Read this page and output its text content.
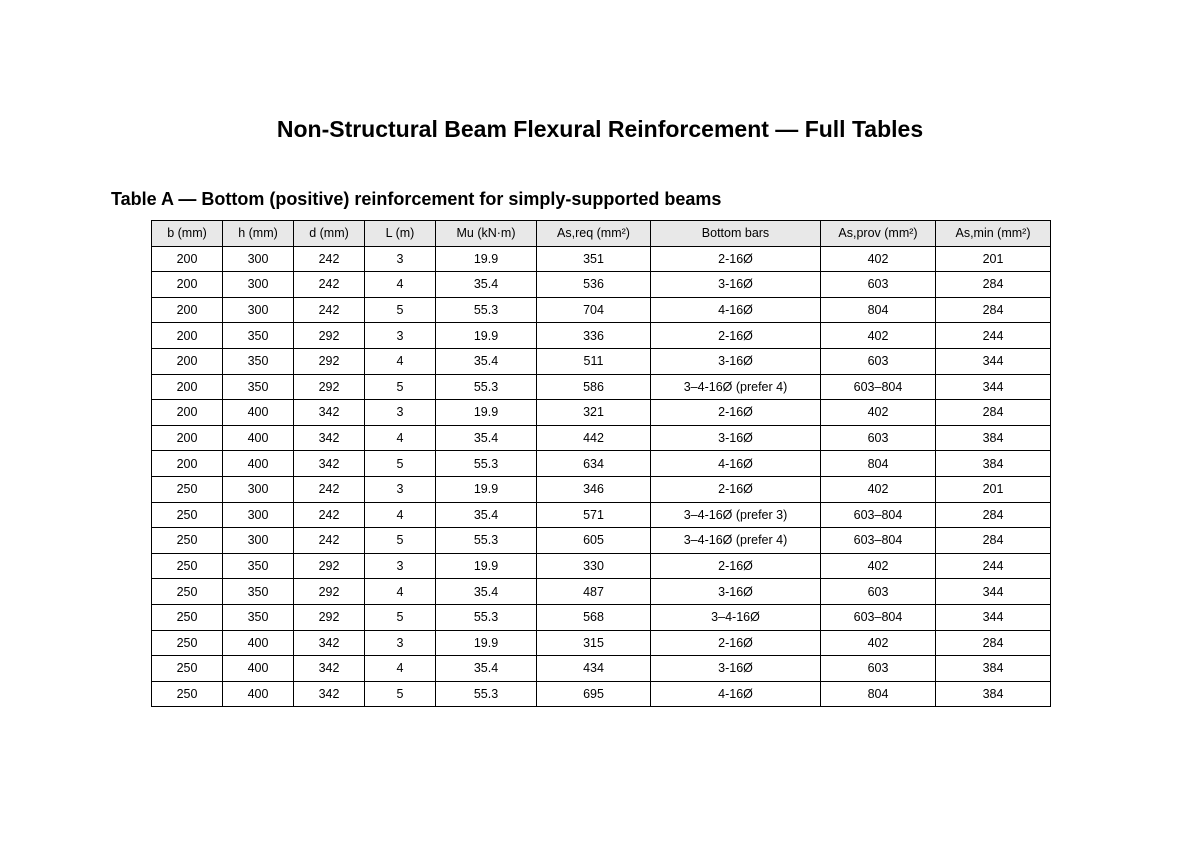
Non-Structural Beam Flexural Reinforcement — Full Tables
Table A — Bottom (positive) reinforcement for simply-supported beams
b (mm)	h (mm)	d (mm)	L (m)	Mu (kN·m)	As,req (mm²)	Bottom bars	As,prov (mm²)	As,min (mm²)
200	300	242	3	19.9	351	2-16Ø	402	201
200	300	242	4	35.4	536	3-16Ø	603	284
200	300	242	5	55.3	704	4-16Ø	804	284
200	350	292	3	19.9	336	2-16Ø	402	244
200	350	292	4	35.4	511	3-16Ø	603	344
200	350	292	5	55.3	586	3–4-16Ø (prefer 4)	603–804	344
200	400	342	3	19.9	321	2-16Ø	402	284
200	400	342	4	35.4	442	3-16Ø	603	384
200	400	342	5	55.3	634	4-16Ø	804	384
250	300	242	3	19.9	346	2-16Ø	402	201
250	300	242	4	35.4	571	3–4-16Ø (prefer 3)	603–804	284
250	300	242	5	55.3	605	3–4-16Ø (prefer 4)	603–804	284
250	350	292	3	19.9	330	2-16Ø	402	244
250	350	292	4	35.4	487	3-16Ø	603	344
250	350	292	5	55.3	568	3–4-16Ø	603–804	344
250	400	342	3	19.9	315	2-16Ø	402	284
250	400	342	4	35.4	434	3-16Ø	603	384
250	400	342	5	55.3	695	4-16Ø	804	384
